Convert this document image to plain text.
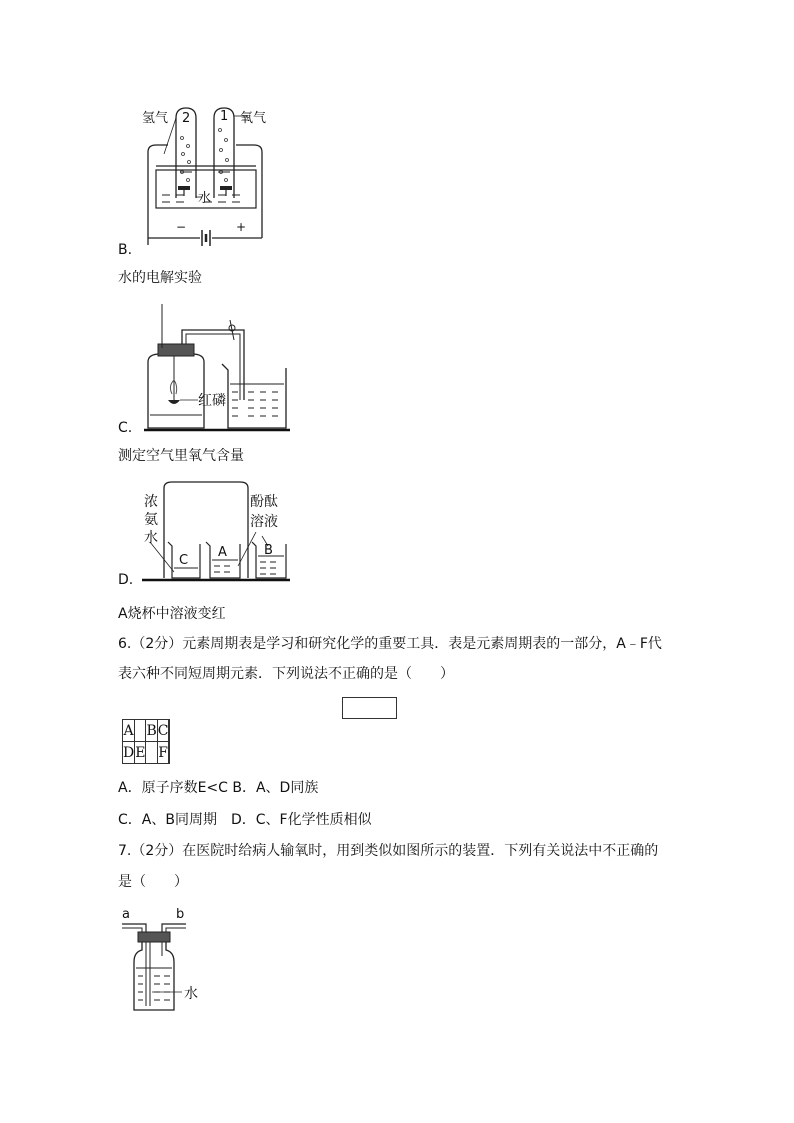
氢气	氧气
2 1
水
−	+
B.
水的电解实验
红磷
C.
测定空气里氧气含量
浓
氨
水
酚酞
溶液
C
A	B
D.
A烧杯中溶液变红
6.（2分）元素周期表是学习和研究化学的重要工具．表是元素周期表的一部分，A﹣F代
表六种不同短周期元素．下列说法不正确的是（　　）
A		B	C	
D	E		F	
A．原子序数E<C B．A、D同族
C．A、B同周期　D．C、F化学性质相似
7.（2分）在医院时给病人输氧时，用到类似如图所示的装置．下列有关说法中不正确的
是（　　）
a	b
水
